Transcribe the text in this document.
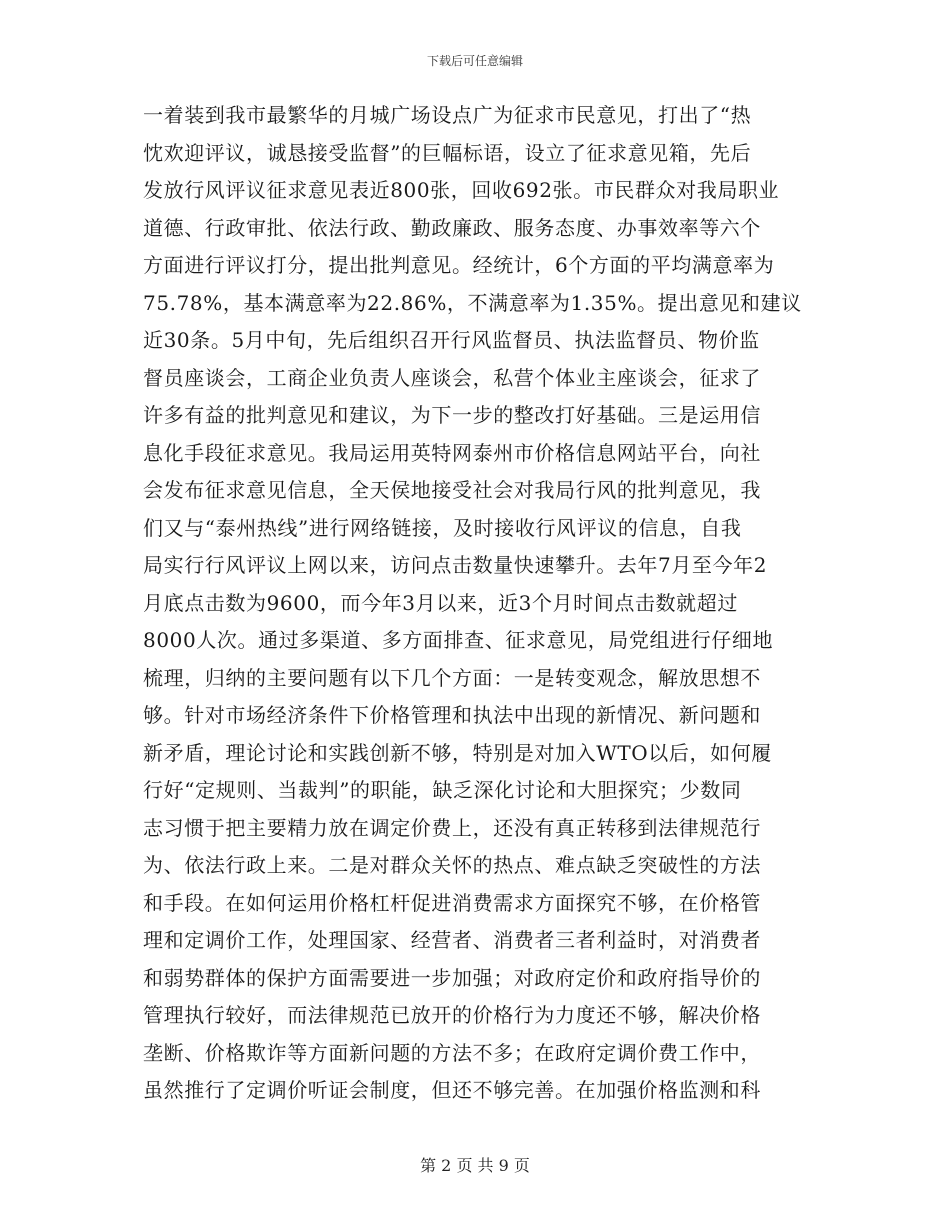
下载后可任意编辑
一着装到我市最繁华的月城广场设点广为征求市民意见，打出了“热
忱欢迎评议，诚恳接受监督”的巨幅标语，设立了征求意见箱，先后
发放行风评议征求意见表近800张，回收692张。市民群众对我局职业
道德、行政审批、依法行政、勤政廉政、服务态度、办事效率等六个
方面进行评议打分，提出批判意见。经统计，6个方面的平均满意率为
75.78%，基本满意率为22.86%，不满意率为1.35%。提出意见和建议
近30条。5月中旬，先后组织召开行风监督员、执法监督员、物价监
督员座谈会，工商企业负责人座谈会，私营个体业主座谈会，征求了
许多有益的批判意见和建议，为下一步的整改打好基础。三是运用信
息化手段征求意见。我局运用英特网泰州市价格信息网站平台，向社
会发布征求意见信息，全天侯地接受社会对我局行风的批判意见，我
们又与“泰州热线”进行网络链接，及时接收行风评议的信息，自我
局实行行风评议上网以来，访问点击数量快速攀升。去年7月至今年2
月底点击数为9600，而今年3月以来，近3个月时间点击数就超过
8000人次。通过多渠道、多方面排查、征求意见，局党组进行仔细地
梳理，归纳的主要问题有以下几个方面：一是转变观念，解放思想不
够。针对市场经济条件下价格管理和执法中出现的新情况、新问题和
新矛盾，理论讨论和实践创新不够，特别是对加入WTO以后，如何履
行好“定规则、当裁判”的职能，缺乏深化讨论和大胆探究；少数同
志习惯于把主要精力放在调定价费上，还没有真正转移到法律规范行
为、依法行政上来。二是对群众关怀的热点、难点缺乏突破性的方法
和手段。在如何运用价格杠杆促进消费需求方面探究不够，在价格管
理和定调价工作，处理国家、经营者、消费者三者利益时，对消费者
和弱势群体的保护方面需要进一步加强；对政府定价和政府指导价的
管理执行较好，而法律规范已放开的价格行为力度还不够，解决价格
垄断、价格欺诈等方面新问题的方法不多；在政府定调价费工作中，
虽然推行了定调价听证会制度，但还不够完善。在加强价格监测和科
第 2 页 共 9 页
